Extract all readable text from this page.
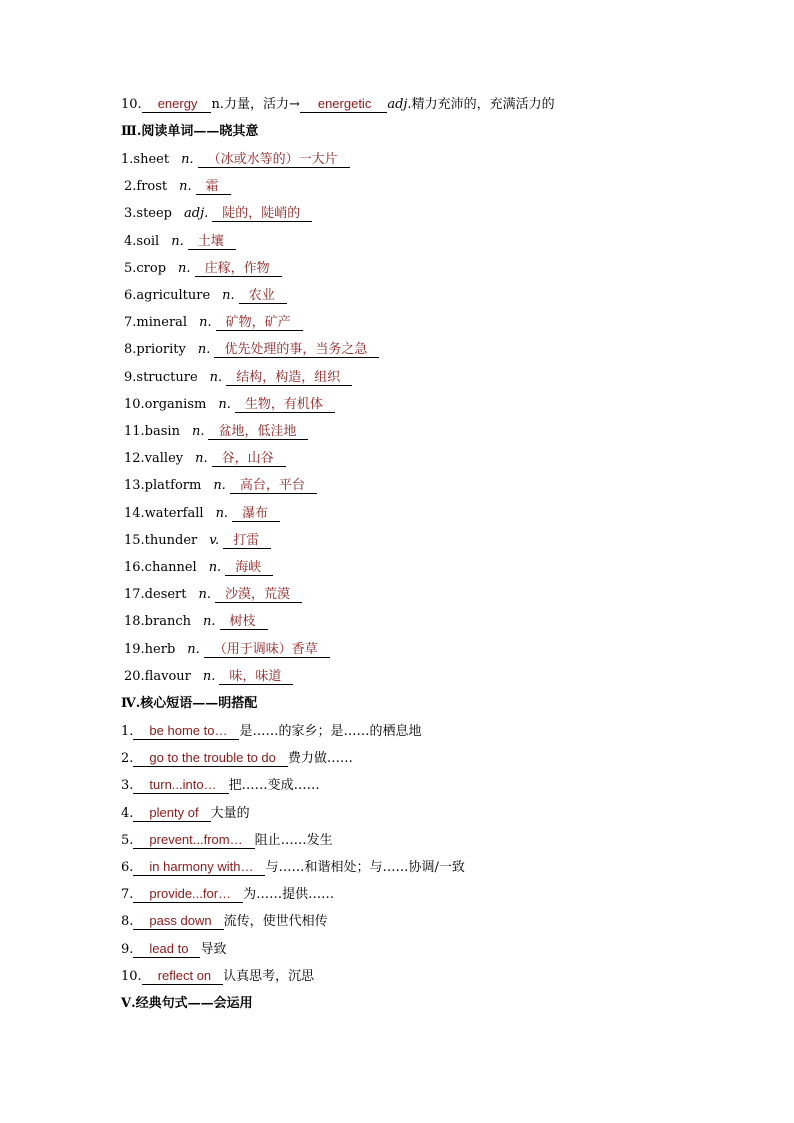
10. energy n.力量，活力→ energetic adj.精力充沛的，充满活力的
Ⅲ.阅读单词——晓其意
1.sheet n. （冰或水等的）一大片
2.frost n. 霜
3.steep adj. 陡的，陡峭的
4.soil n. 土壤
5.crop n. 庄稼，作物
6.agriculture n. 农业
7.mineral n. 矿物，矿产
8.priority n. 优先处理的事，当务之急
9.structure n. 结构，构造，组织
10.organism n. 生物，有机体
11.basin n. 盆地，低洼地
12.valley n. 谷，山谷
13.platform n. 高台，平台
14.waterfall n. 瀑布
15.thunder v. 打雷
16.channel n. 海峡
17.desert n. 沙漠，荒漠
18.branch n. 树枝
19.herb n. （用于调味）香草
20.flavour n. 味，味道
Ⅳ.核心短语——明搭配
1. be home to… 是……的家乡；是……的栖息地
2. go to the trouble to do 费力做……
3. turn...into… 把……变成……
4. plenty of 大量的
5. prevent...from… 阻止……发生
6. in harmony with… 与……和谐相处；与……协调/一致
7. provide...for… 为……提供……
8. pass down 流传，使世代相传
9. lead to 导致
10. reflect on 认真思考，沉思
Ⅴ.经典句式——会运用
